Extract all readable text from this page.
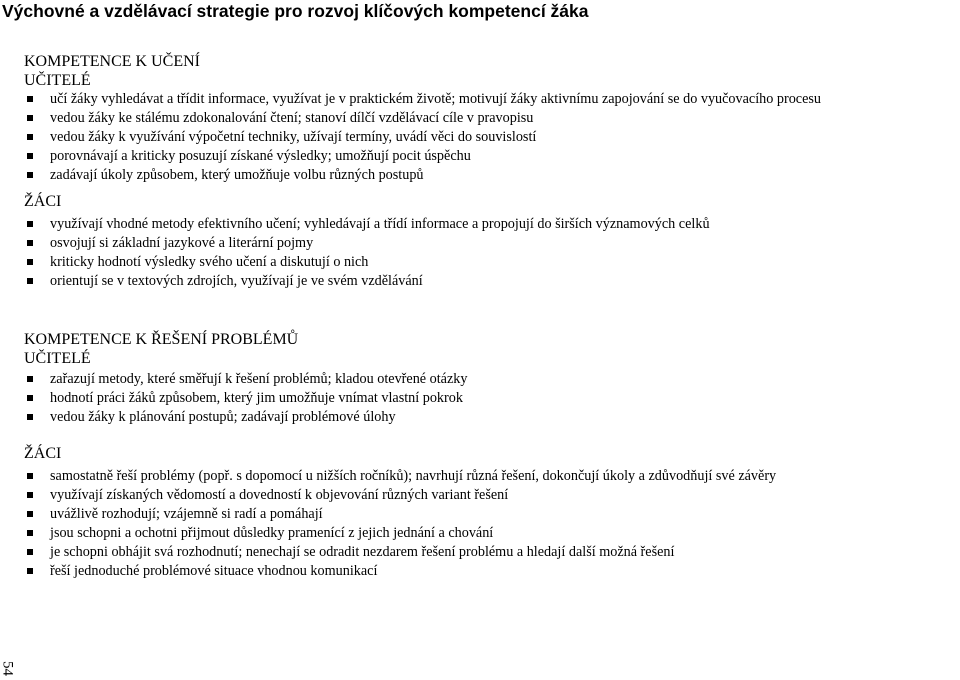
Výchovné a vzdělávací strategie pro rozvoj klíčových kompetencí žáka
KOMPETENCE K UČENÍ
UČITELÉ
učí žáky vyhledávat a třídit informace, využívat je v praktickém životě; motivují žáky aktivnímu zapojování se do vyučovacího procesu
vedou žáky ke stálému zdokonalování čtení; stanoví dílčí vzdělávací cíle v pravopisu
vedou žáky k využívání výpočetní techniky, užívají termíny, uvádí věci do souvislostí
porovnávají a kriticky posuzují získané výsledky; umožňují pocit úspěchu
zadávají úkoly způsobem, který umožňuje volbu různých postupů
ŽÁCI
využívají vhodné metody efektivního učení; vyhledávají a třídí informace a propojují do širších významových celků
osvojují si základní jazykové a literární pojmy
kriticky hodnotí výsledky svého učení a diskutují o nich
orientují se v textových zdrojích, využívají je ve svém vzdělávání
KOMPETENCE K ŘEŠENÍ PROBLÉMŮ
UČITELÉ
zařazují metody, které směřují k řešení problémů; kladou otevřené otázky
hodnotí práci žáků způsobem, který jim umožňuje vnímat vlastní pokrok
vedou žáky k plánování postupů; zadávají problémové úlohy
ŽÁCI
samostatně řeší problémy (popř. s dopomocí u nižších ročníků); navrhují různá řešení, dokončují úkoly a zdůvodňují své závěry
využívají získaných vědomostí a dovedností k objevování různých variant řešení
uvážlivě rozhodují; vzájemně si radí a pomáhají
jsou schopni a ochotni přijmout důsledky pramenící z jejich jednání a chování
je schopni obhájit svá rozhodnutí; nenechají se odradit nezdarem řešení problému a hledají další možná řešení
řeší jednoduché problémové situace vhodnou komunikací
54
